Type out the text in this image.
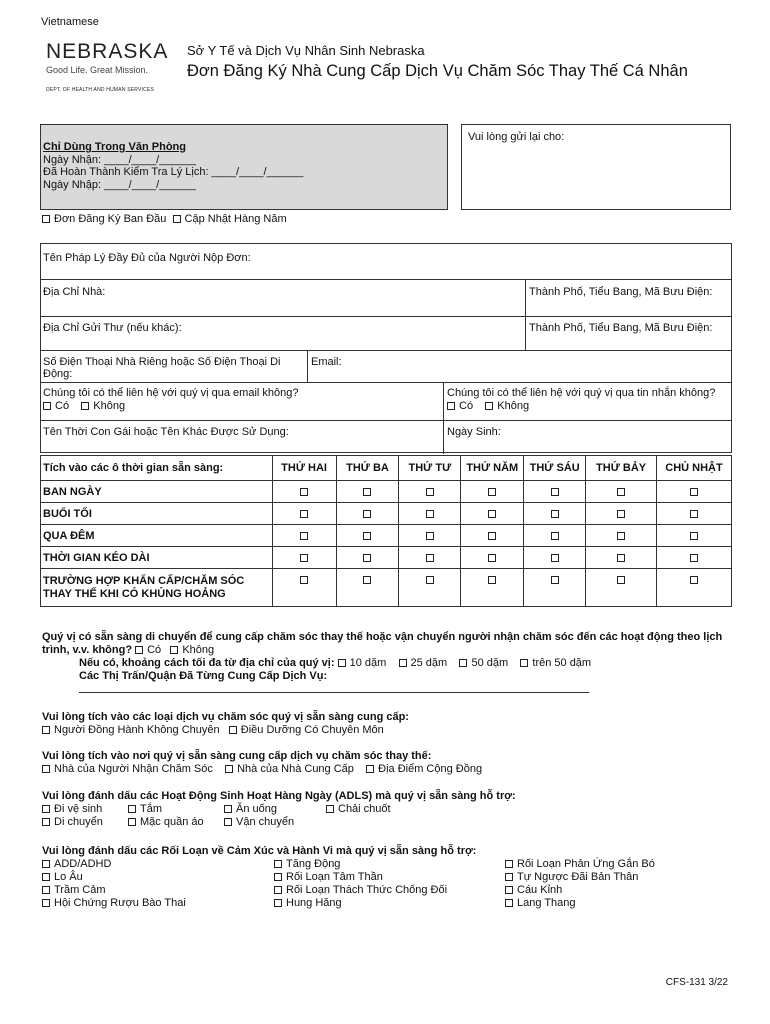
Vietnamese
NEBRASKA
Good Life. Great Mission.
DEPT. OF HEALTH AND HUMAN SERVICES
Sở Y Tế và Dịch Vụ Nhân Sinh Nebraska
Đơn Đăng Ký Nhà Cung Cấp Dịch Vụ Chăm Sóc Thay Thế Cá Nhân
Chỉ Dùng Trong Văn Phòng
Ngày Nhận: ____/____/______
Đã Hoàn Thành Kiểm Tra Lý Lịch: ____/____/______
Ngày Nhập: ____/____/______
Vui lòng gửi lại cho:
Đơn Đăng Ký Ban Đầu Cập Nhật Hàng Năm
Tên Pháp Lý Đầy Đủ của Người Nộp Đơn:
Địa Chỉ Nhà:	Thành Phố, Tiểu Bang, Mã Bưu Điện:
Địa Chỉ Gửi Thư (nếu khác):	Thành Phố, Tiểu Bang, Mã Bưu Điện:
Số Điện Thoại Nhà Riêng hoặc Số Điện Thoại Di Động:
Email:
Chúng tôi có thể liên hệ với quý vị qua email không?
Có Không
Chúng tôi có thể liên hệ với quý vị qua tin nhắn không?
Có Không
Tên Thời Con Gái hoặc Tên Khác Được Sử Dụng:	Ngày Sinh:
Tích vào các ô thời gian sẵn sàng:	THỨ HAI	THỨ BA	THỨ TƯ	THỨ NĂM	THỨ SÁU	THỨ BẢY	CHỦ NHẬT
BAN NGÀY							
BUỔI TỐI							
QUA ĐÊM							
THỜI GIAN KÉO DÀI							
TRƯỜNG HỢP KHẨN CẤP/CHĂM SÓC THAY THẾ KHI CÓ KHỦNG HOẢNG							
Quý vị có sẵn sàng di chuyển để cung cấp chăm sóc thay thế hoặc vận chuyển người nhận chăm sóc đến các hoạt động theo lịch trình, v.v. không? Có Không
Nếu có, khoảng cách tối đa từ địa chỉ của quý vị: 10 dặm 25 dặm 50 dặm trên 50 dặm
Các Thị Trấn/Quận Đã Từng Cung Cấp Dịch Vụ:
Vui lòng tích vào các loại dịch vụ chăm sóc quý vị sẵn sàng cung cấp:
Người Đồng Hành Không Chuyên Điều Dưỡng Có Chuyên Môn
Vui lòng tích vào nơi quý vị sẵn sàng cung cấp dịch vụ chăm sóc thay thế:
Nhà của Người Nhận Chăm Sóc Nhà của Nhà Cung Cấp Địa Điểm Cộng Đồng
Vui lòng đánh dấu các Hoạt Động Sinh Hoạt Hàng Ngày (ADLS) mà quý vị sẵn sàng hỗ trợ:
Đi vệ sinh	Tắm	Ăn uống	Chải chuốt
Di chuyển	Mặc quần áo	Vận chuyển
Vui lòng đánh dấu các Rối Loạn về Cảm Xúc và Hành Vi mà quý vị sẵn sàng hỗ trợ:
ADD/ADHD
Lo Âu
Trầm Cảm
Hội Chứng Rượu Bào Thai
Tăng Động
Rối Loạn Tâm Thần
Rối Loạn Thách Thức Chống Đối
Hung Hăng
Rối Loạn Phản Ứng Gắn Bó
Tự Ngược Đãi Bản Thân
Cáu Kỉnh
Lang Thang
CFS-131 3/22
